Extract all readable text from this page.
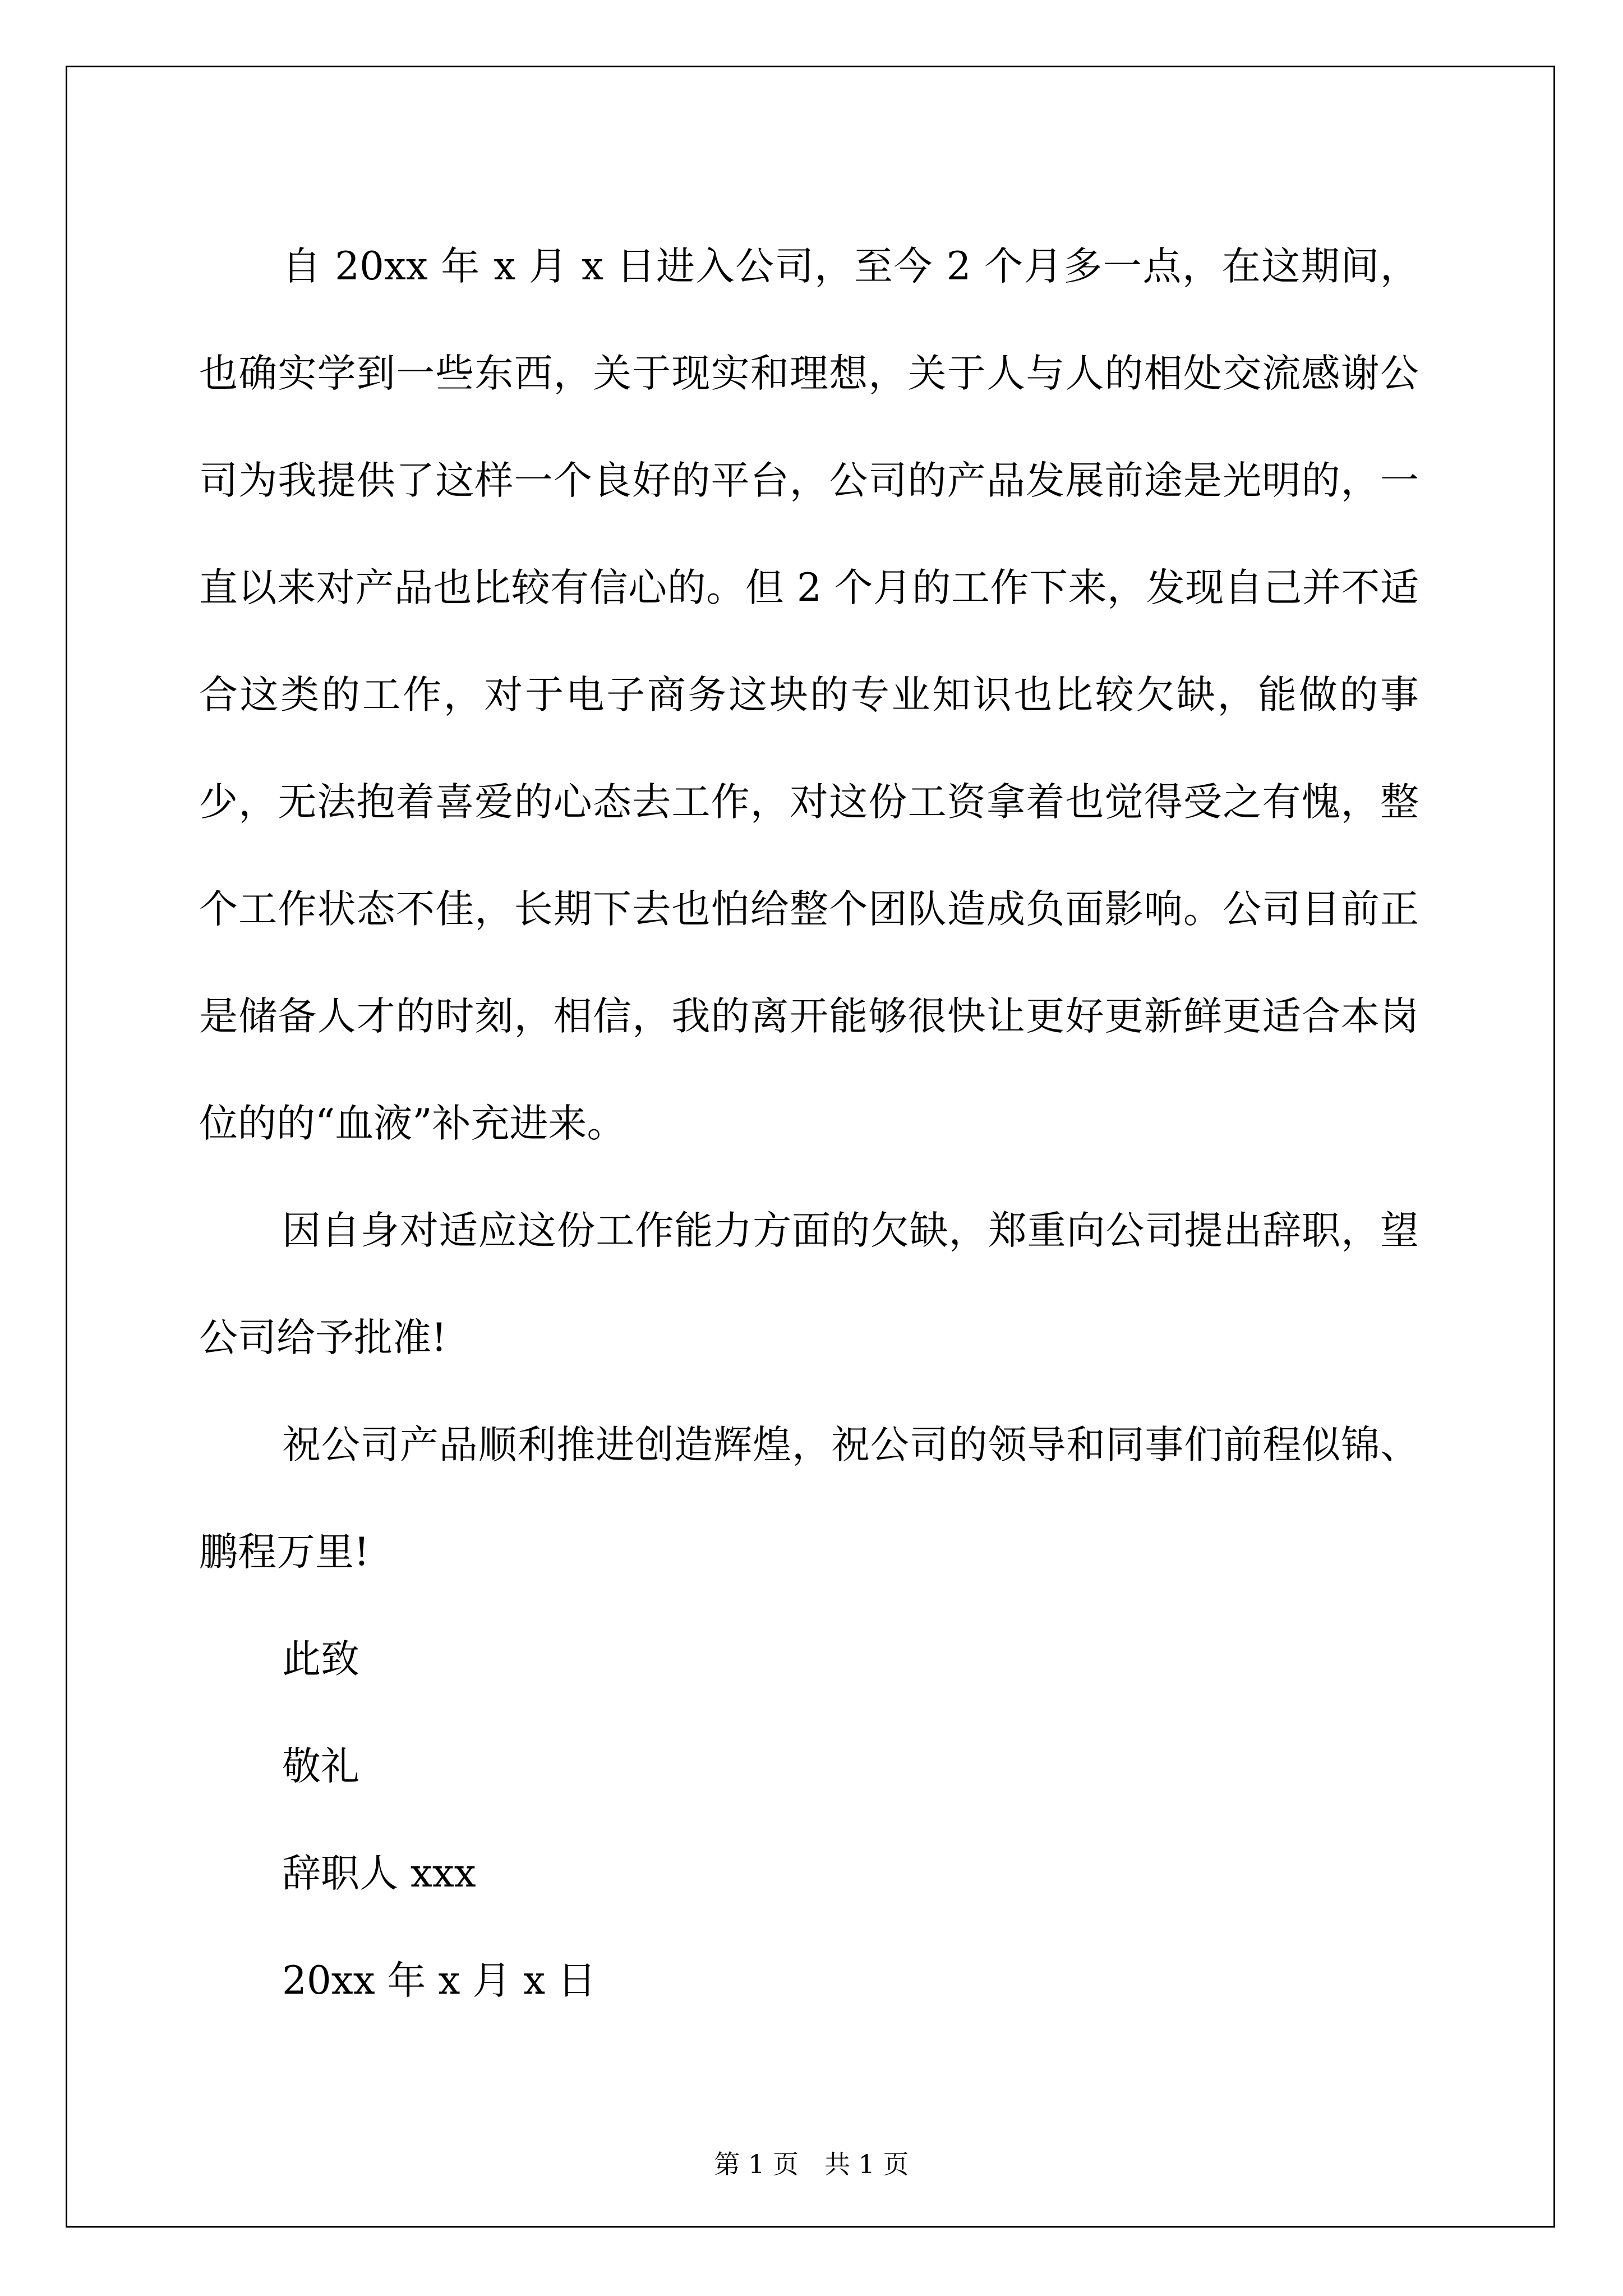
自 20xx 年 x 月 x 日进入公司，至今 2 个月多一点，在这期间，也确实学到一些东西，关于现实和理想，关于人与人的相处交流感谢公司为我提供了这样一个良好的平台，公司的产品发展前途是光明的，一直以来对产品也比较有信心的。但 2 个月的工作下来，发现自己并不适合这类的工作，对于电子商务这块的专业知识也比较欠缺，能做的事少，无法抱着喜爱的心态去工作，对这份工资拿着也觉得受之有愧，整个工作状态不佳，长期下去也怕给整个团队造成负面影响。公司目前正是储备人才的时刻，相信，我的离开能够很快让更好更新鲜更适合本岗位的的“血液”补充进来。

因自身对适应这份工作能力方面的欠缺，郑重向公司提出辞职，望公司给予批准!

祝公司产品顺利推进创造辉煌，祝公司的领导和同事们前程似锦、鹏程万里!

此致

敬礼

辞职人 xxx

20xx 年 x 月 x 日

第 1 页 共 1 页
